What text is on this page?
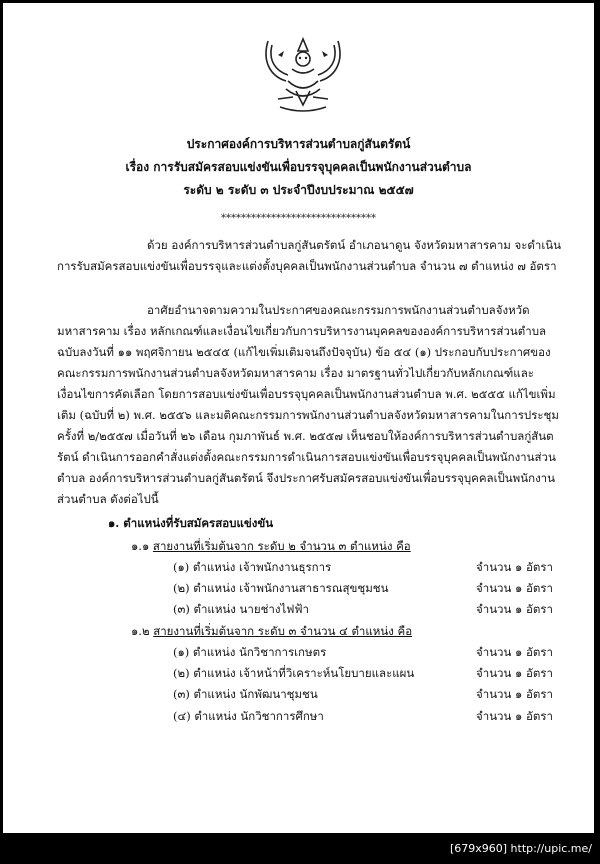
ประกาศองค์การบริหารส่วนตำบลกู่สันตรัตน์
เรื่อง การรับสมัครสอบแข่งขันเพื่อบรรจุบุคคลเป็นพนักงานส่วนตำบล
ระดับ ๒ ระดับ ๓ ประจำปีงบประมาณ ๒๕๕๗
*******************************
ด้วย องค์การบริหารส่วนตำบลกู่สันตรัตน์ อำเภอนาดูน จังหวัดมหาสารคาม จะดำเนินการรับสมัครสอบแข่งขันเพื่อบรรจุและแต่งตั้งบุคคลเป็นพนักงานส่วนตำบล จำนวน ๗ ตำแหน่ง ๗ อัตรา
อาศัยอำนาจตามความในประกาศของคณะกรรมการพนักงานส่วนตำบลจังหวัดมหาสารคาม เรื่อง หลักเกณฑ์และเงื่อนไขเกี่ยวกับการบริหารงานบุคคลขององค์การบริหารส่วนตำบล ฉบับลงวันที่ ๑๑ พฤศจิกายน ๒๕๔๕ (แก้ไขเพิ่มเติมจนถึงปัจจุบัน) ข้อ ๕๔ (๑) ประกอบกับประกาศของคณะกรรมการพนักงานส่วนตำบลจังหวัดมหาสารคาม เรื่อง มาตรฐานทั่วไปเกี่ยวกับหลักเกณฑ์และเงื่อนไขการคัดเลือก โดยการสอบแข่งขันเพื่อบรรจุบุคคลเป็นพนักงานส่วนตำบล พ.ศ. ๒๕๕๕ แก้ไขเพิ่มเติม (ฉบับที่ ๒) พ.ศ. ๒๕๕๖ และมติคณะกรรมการพนักงานส่วนตำบลจังหวัดมหาสารคามในการประชุมครั้งที่ ๒/๒๕๕๗ เมื่อวันที่ ๒๖ เดือน กุมภาพันธ์ พ.ศ. ๒๕๕๗ เห็นชอบให้องค์การบริหารส่วนตำบลกู่สันตรัตน์ ดำเนินการออกคำสั่งแต่งตั้งคณะกรรมการดำเนินการสอบแข่งขันเพื่อบรรจุบุคคลเป็นพนักงานส่วนตำบล องค์การบริหารส่วนตำบลกู่สันตรัตน์ จึงประกาศรับสมัครสอบแข่งขันเพื่อบรรจุบุคคลเป็นพนักงานส่วนตำบล ดังต่อไปนี้
๑. ตำแหน่งที่รับสมัครสอบแข่งขัน
๑.๑ สายงานที่เริ่มต้นจาก ระดับ ๒ จำนวน ๓ ตำแหน่ง คือ
(๑) ตำแหน่ง เจ้าพนักงานธุรการ	จำนวน ๑ อัตรา
(๒) ตำแหน่ง เจ้าพนักงานสาธารณสุขชุมชน	จำนวน ๑ อัตรา
(๓) ตำแหน่ง นายช่างไฟฟ้า	จำนวน ๑ อัตรา
๑.๒ สายงานที่เริ่มต้นจาก ระดับ ๓ จำนวน ๔ ตำแหน่ง คือ
(๑) ตำแหน่ง นักวิชาการเกษตร	จำนวน ๑ อัตรา
(๒) ตำแหน่ง เจ้าหน้าที่วิเคราะห์นโยบายและแผน	จำนวน ๑ อัตรา
(๓) ตำแหน่ง นักพัฒนาชุมชน	จำนวน ๑ อัตรา
(๔) ตำแหน่ง นักวิชาการศึกษา	จำนวน ๑ อัตรา
[679x960] http://upic.me/
